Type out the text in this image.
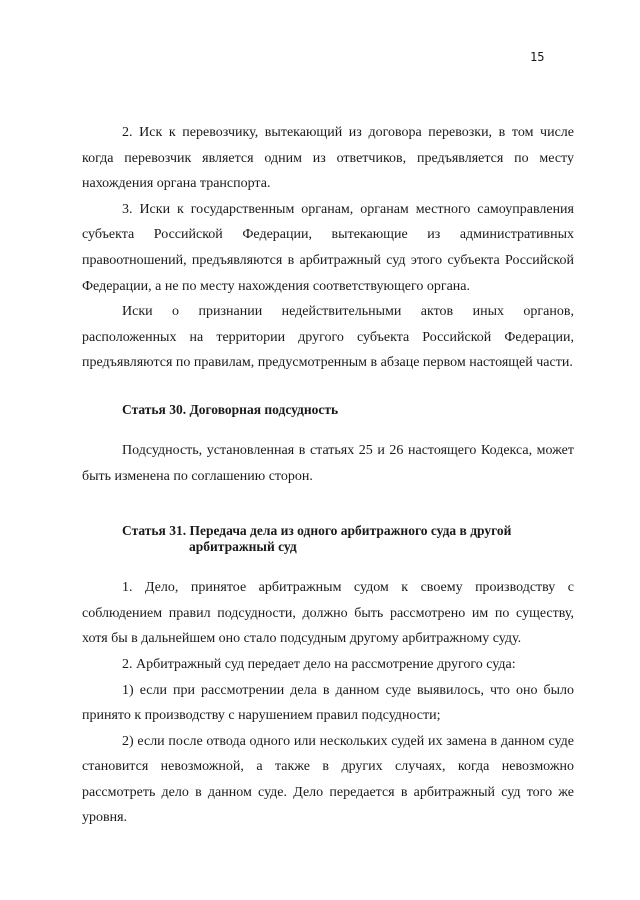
15

2. Иск к перевозчику, вытекающий из договора перевозки, в том числе когда перевозчик является одним из ответчиков, предъявляется по месту нахождения органа транспорта.

3. Иски к государственным органам, органам местного самоуправления субъекта Российской Федерации, вытекающие из административных правоотношений, предъявляются в арбитражный суд этого субъекта Российской Федерации, а не по месту нахождения соответствующего органа.

Иски о признании недействительными актов иных органов, расположенных на территории другого субъекта Российской Федерации, предъявляются по правилам, предусмотренным в абзаце первом настоящей части.

Статья 30. Договорная подсудность

Подсудность, установленная в статьях 25 и 26 настоящего Кодекса, может быть изменена по соглашению сторон.

Статья 31. Передача дела из одного арбитражного суда в другой
арбитражный суд

1. Дело, принятое арбитражным судом к своему производству с соблюдением правил подсудности, должно быть рассмотрено им по существу, хотя бы в дальнейшем оно стало подсудным другому арбитражному суду.

2. Арбитражный суд передает дело на рассмотрение другого суда:

1) если при рассмотрении дела в данном суде выявилось, что оно было принято к производству с нарушением правил подсудности;

2) если после отвода одного или нескольких судей их замена в данном суде становится невозможной, а также в других случаях, когда невозможно рассмотреть дело в данном суде. Дело передается в арбитражный суд того же уровня.
